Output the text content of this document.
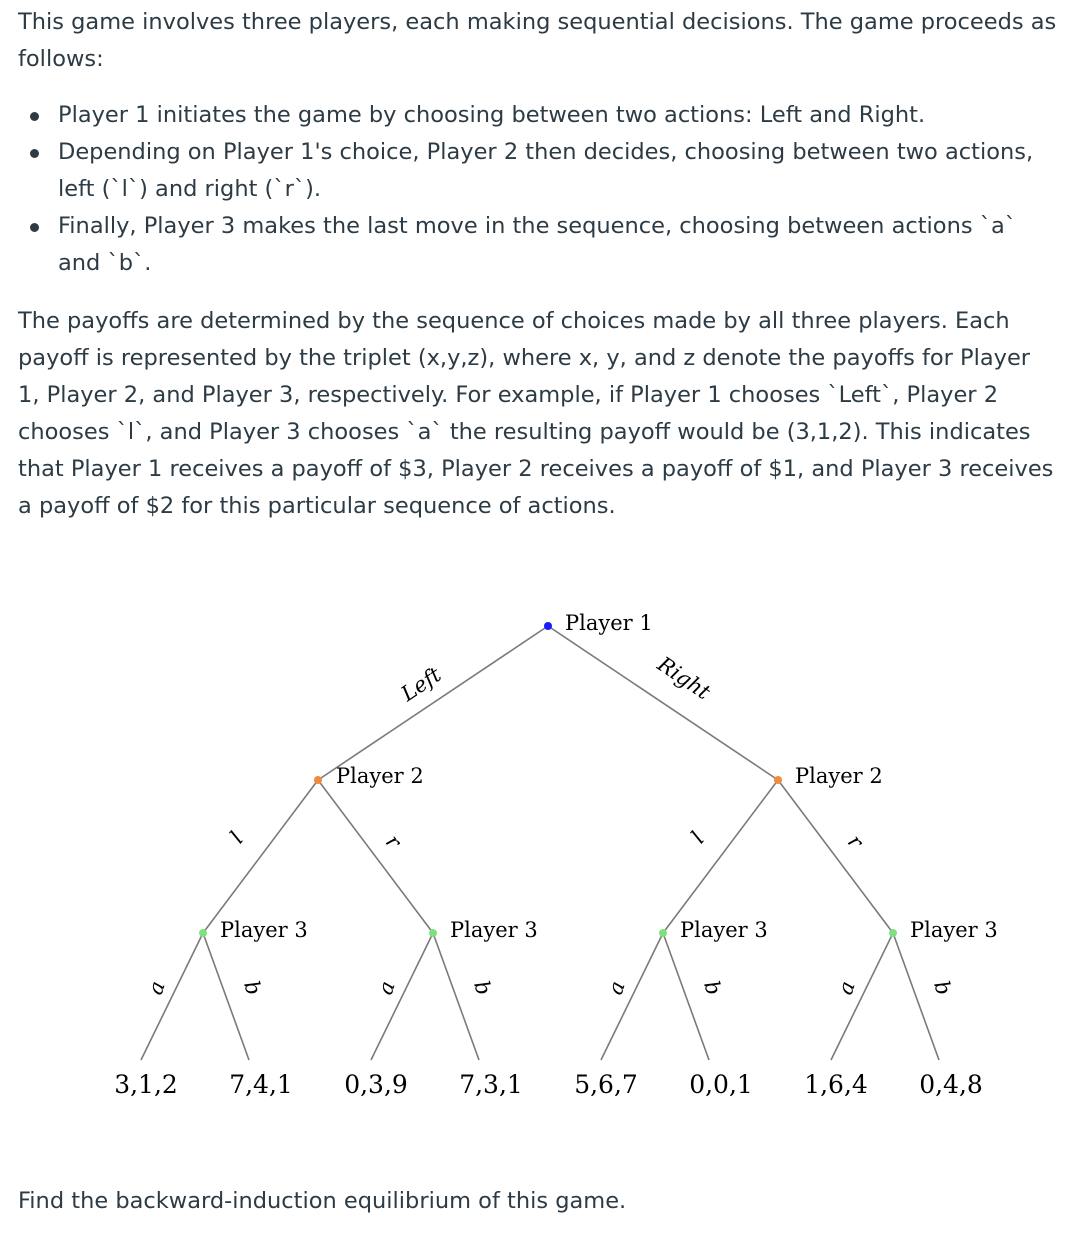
This game involves three players, each making sequential decisions. The game proceeds as follows:

Player 1 initiates the game by choosing between two actions: Left and Right.
Depending on Player 1's choice, Player 2 then decides, choosing between two actions, left (`l`) and right (`r`).
Finally, Player 3 makes the last move in the sequence, choosing between actions `a` and `b`.

The payoffs are determined by the sequence of choices made by all three players. Each payoff is represented by the triplet (x,y,z), where x, y, and z denote the payoffs for Player 1, Player 2, and Player 3, respectively. For example, if Player 1 chooses `Left`, Player 2 chooses `l`, and Player 3 chooses `a` the resulting payoff would be (3,1,2). This indicates that Player 1 receives a payoff of $3, Player 2 receives a payoff of $1, and Player 3 receives a payoff of $2 for this particular sequence of actions.

Player 1
Player 2	Player 2
Player 3	Player 3	Player 3	Player 3
Left	Right
l	r	l	r
a	b	a	b	a	b	a	b
3,1,2 7,4,1 0,3,9 7,3,1 5,6,7 0,0,1 1,6,4 0,4,8

Find the backward-induction equilibrium of this game.
